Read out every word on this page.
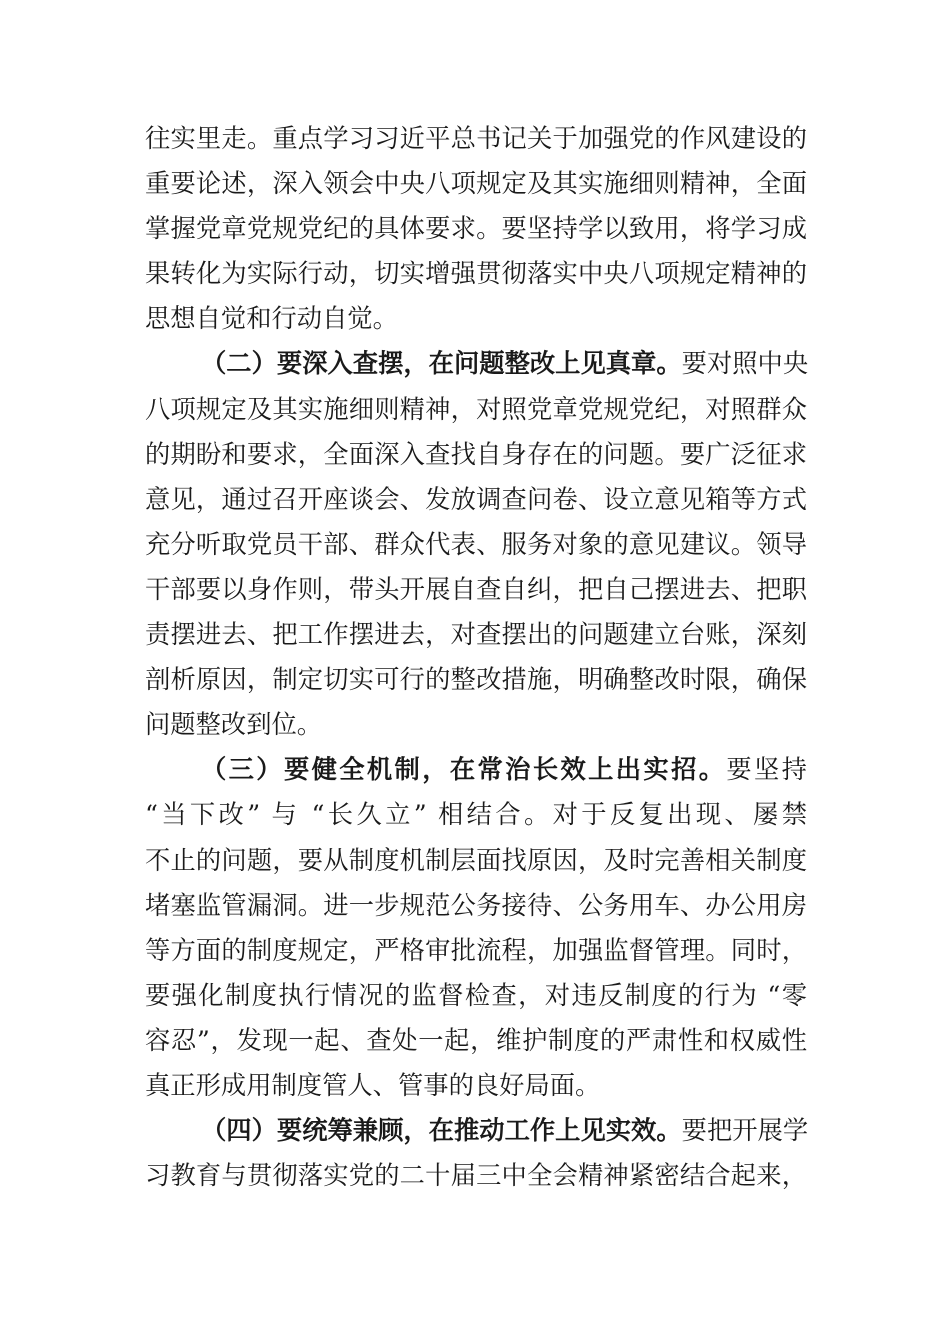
往实里走。重点学习习近平总书记关于加强党的作风建设的
重要论述，深入领会中央八项规定及其实施细则精神，全面
掌握党章党规党纪的具体要求。要坚持学以致用，将学习成
果转化为实际行动，切实增强贯彻落实中央八项规定精神的
思想自觉和行动自觉。
（二）要深入查摆，在问题整改上见真章。要对照中央
八项规定及其实施细则精神，对照党章党规党纪，对照群众
的期盼和要求，全面深入查找自身存在的问题。要广泛征求
意见，通过召开座谈会、发放调查问卷、设立意见箱等方式
充分听取党员干部、群众代表、服务对象的意见建议。领导
干部要以身作则，带头开展自查自纠，把自己摆进去、把职
责摆进去、把工作摆进去，对查摆出的问题建立台账，深刻
剖析原因，制定切实可行的整改措施，明确整改时限，确保
问题整改到位。
（三）要健全机制，在常治长效上出实招。要坚持
“当下改” 与 “长久立” 相结合。对于反复出现、屡禁
不止的问题，要从制度机制层面找原因，及时完善相关制度
堵塞监管漏洞。进一步规范公务接待、公务用车、办公用房
等方面的制度规定，严格审批流程，加强监督管理。同时，
要强化制度执行情况的监督检查，对违反制度的行为 “零
容忍”，发现一起、查处一起，维护制度的严肃性和权威性
真正形成用制度管人、管事的良好局面。
（四）要统筹兼顾，在推动工作上见实效。要把开展学
习教育与贯彻落实党的二十届三中全会精神紧密结合起来，
